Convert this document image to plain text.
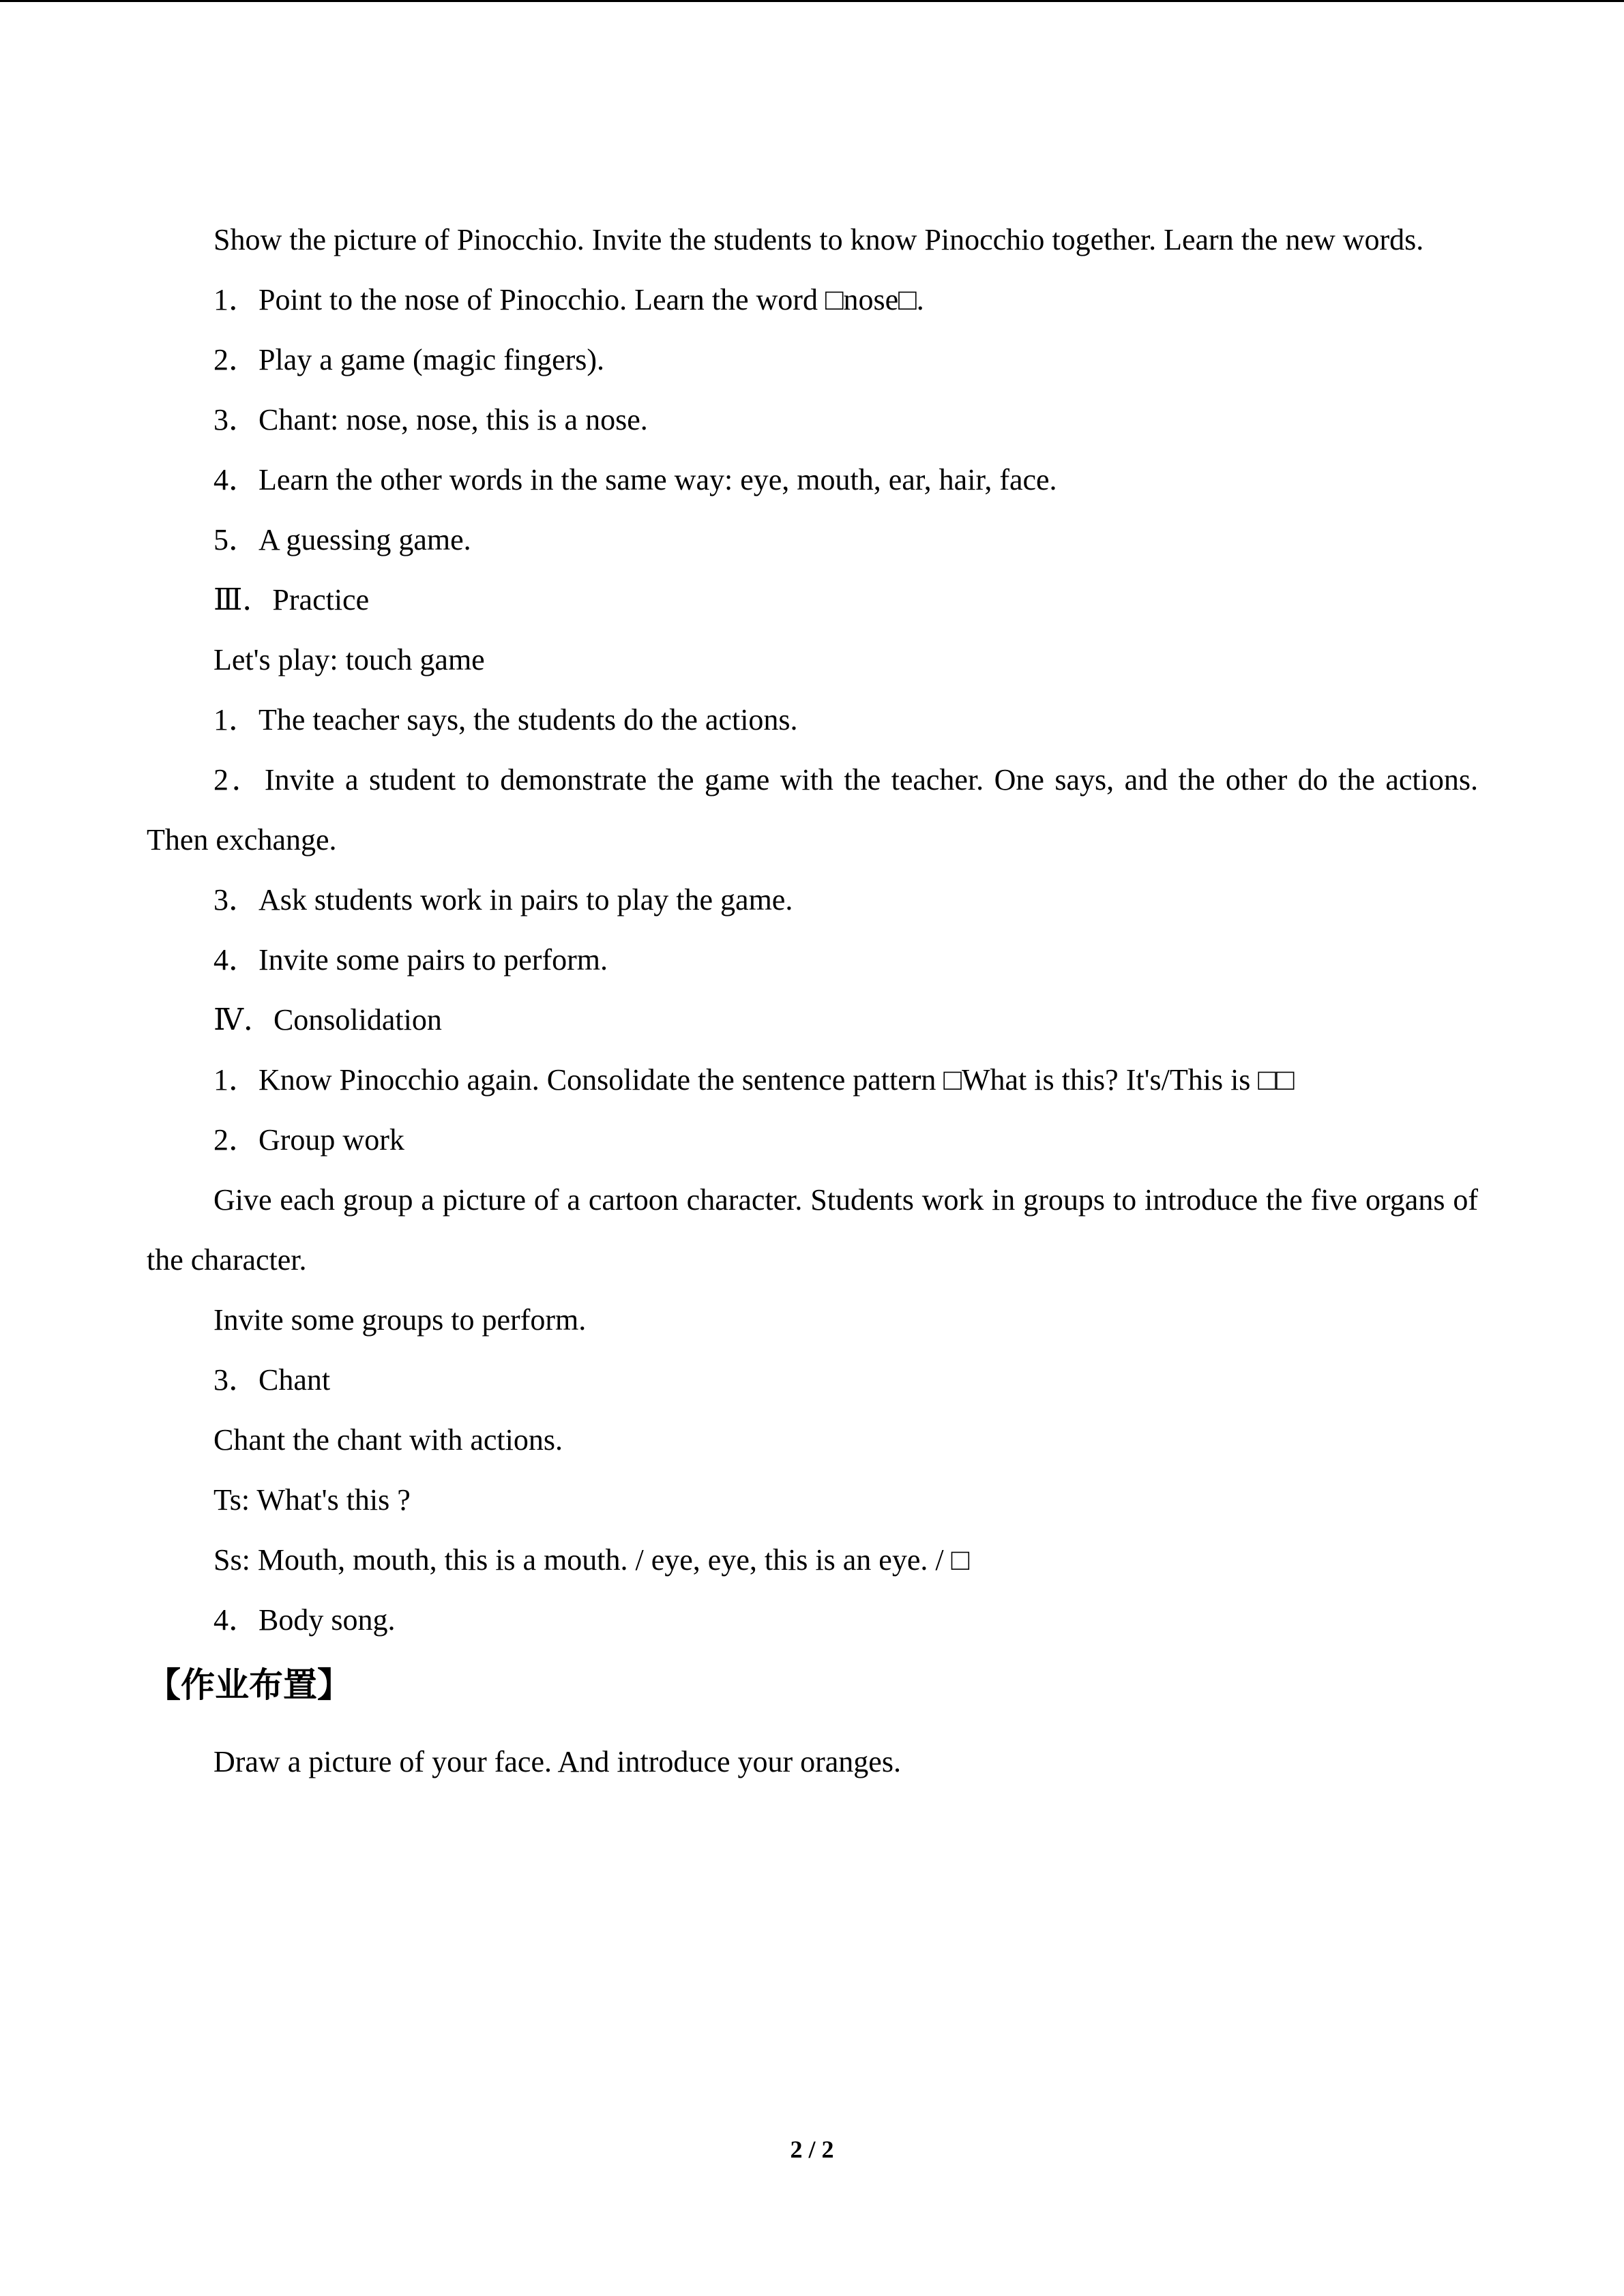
Show the picture of Pinocchio. Invite the students to know Pinocchio together. Learn the new words.

1．Point to the nose of Pinocchio. Learn the word □nose□.

2．Play a game (magic fingers).

3．Chant: nose, nose, this is a nose.

4．Learn the other words in the same way: eye, mouth, ear, hair, face.

5．A guessing game.

Ⅲ．Practice

Let's play: touch game

1．The teacher says, the students do the actions.

2．Invite a student to demonstrate the game with the teacher. One says, and the other do the actions. Then exchange.

3．Ask students work in pairs to play the game.

4．Invite some pairs to perform.

Ⅳ．Consolidation

1．Know Pinocchio again. Consolidate the sentence pattern □What is this? It's/This is □□

2．Group work

Give each group a picture of a cartoon character. Students work in groups to introduce the five organs of the character.

Invite some groups to perform.

3．Chant

Chant the chant with actions.

Ts: What's this ?

Ss: Mouth, mouth, this is a mouth. / eye, eye, this is an eye. / □

4．Body song.

【作业布置】

Draw a picture of your face. And introduce your oranges.

2 / 2
